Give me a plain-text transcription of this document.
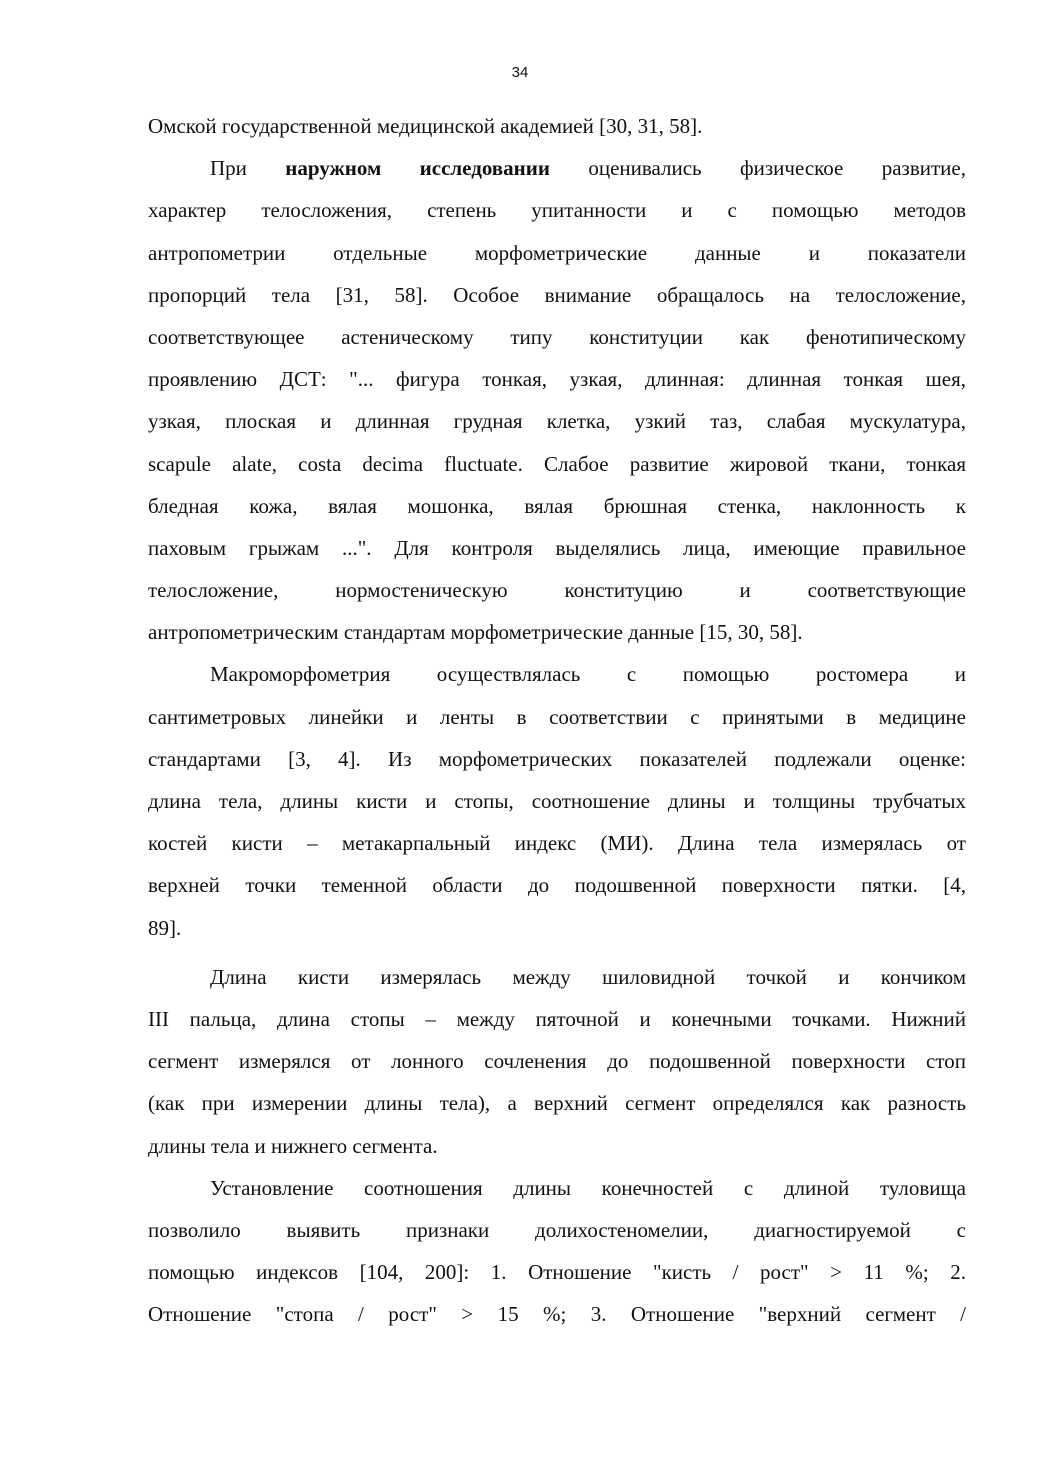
34
Омской государственной медицинской академией [30, 31, 58].
При наружном исследовании оценивались физическое развитие,
характер телосложения, степень упитанности и с помощью методов
антропометрии отдельные морфометрические данные и показатели
пропорций тела [31, 58]. Особое внимание обращалось на телосложение,
соответствующее астеническому типу конституции как фенотипическому
проявлению ДСТ: "... фигура тонкая, узкая, длинная: длинная тонкая шея,
узкая, плоская и длинная грудная клетка, узкий таз, слабая мускулатура,
scapule alate, costa decima fluctuate. Слабое развитие жировой ткани, тонкая
бледная кожа, вялая мошонка, вялая брюшная стенка, наклонность к
паховым грыжам ...". Для контроля выделялись лица, имеющие правильное
телосложение, нормостеническую конституцию и соответствующие
антропометрическим стандартам морфометрические данные [15, 30, 58].
Макроморфометрия осуществлялась с помощью ростомера и
сантиметровых линейки и ленты в соответствии с принятыми в медицине
стандартами [3, 4]. Из морфометрических показателей подлежали оценке:
длина тела, длины кисти и стопы, соотношение длины и толщины трубчатых
костей кисти – метакарпальный индекс (МИ). Длина тела измерялась от
верхней точки теменной области до подошвенной поверхности пятки. [4,
89].
Длина кисти измерялась между шиловидной точкой и кончиком
III пальца, длина стопы – между пяточной и конечными точками. Нижний
сегмент измерялся от лонного сочленения до подошвенной поверхности стоп
(как при измерении длины тела), а верхний сегмент определялся как разность
длины тела и нижнего сегмента.
Установление соотношения длины конечностей с длиной туловища
позволило выявить признаки долихостеномелии, диагностируемой с
помощью индексов [104, 200]: 1. Отношение "кисть / рост" > 11 %; 2.
Отношение "стопа / рост" > 15 %; 3. Отношение "верхний сегмент /
